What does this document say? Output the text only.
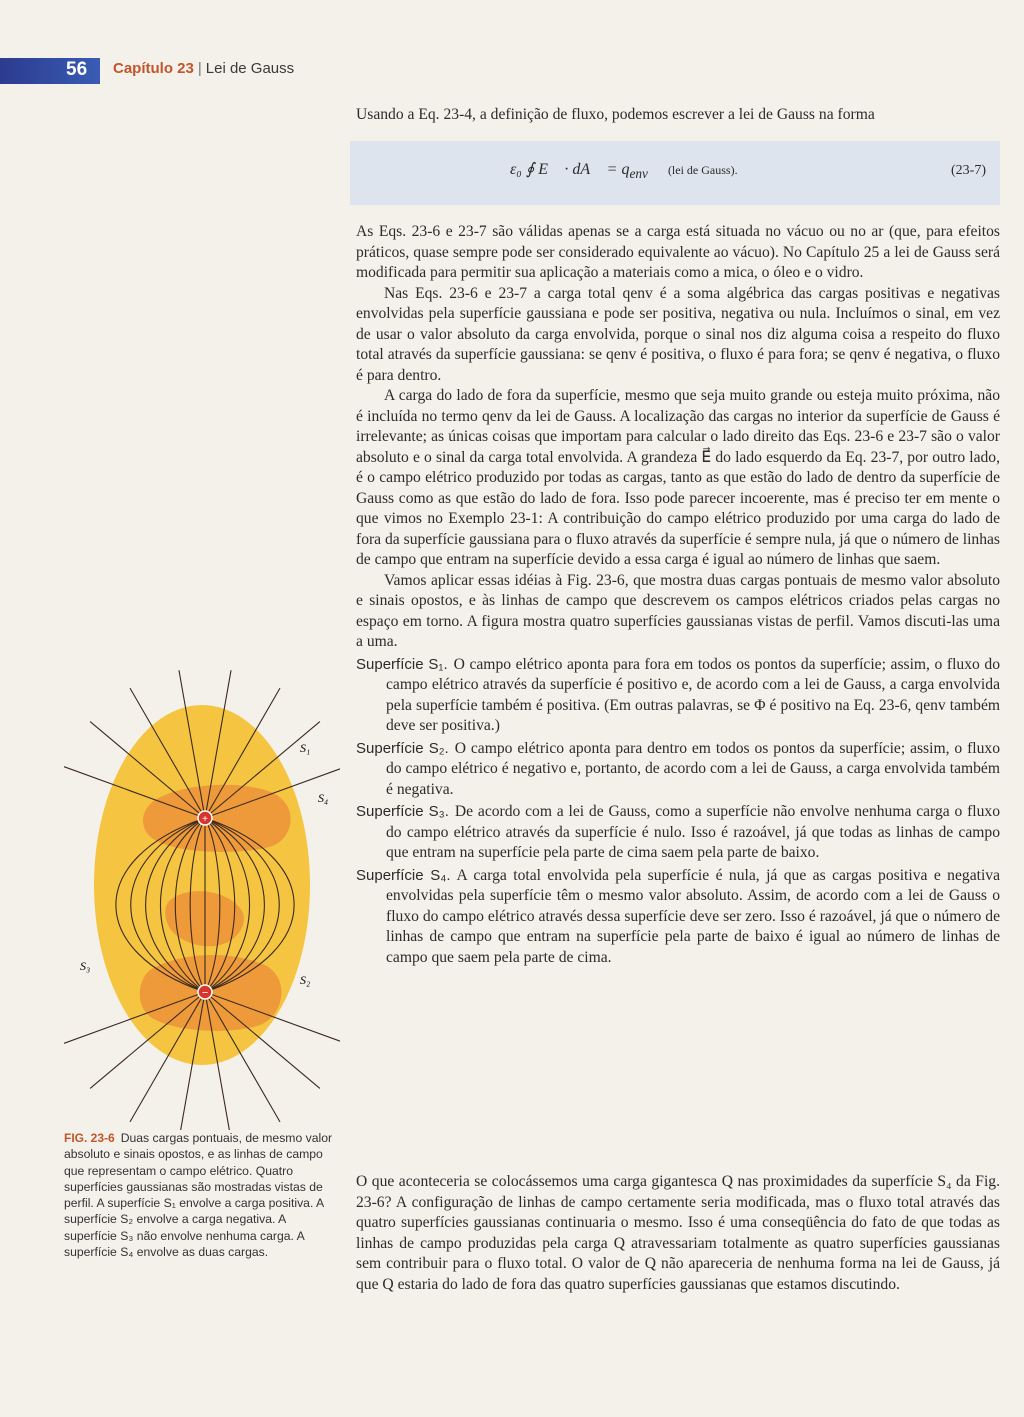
56 Capítulo 23 | Lei de Gauss
Usando a Eq. 23-4, a definição de fluxo, podemos escrever a lei de Gauss na forma
ε₀ ∮ E⃗ · dA⃗ = $q_{env}$ (lei de Gauss).	(23-7)

As Eqs. 23-6 e 23-7 são válidas apenas se a carga está situada no vácuo ou no ar (que, para efeitos práticos, quase sempre pode ser considerado equivalente ao vácuo). No Capítulo 25 a lei de Gauss será modificada para permitir sua aplicação a materiais como a mica, o óleo e o vidro.

Nas Eqs. 23-6 e 23-7 a carga total qenv é a soma algébrica das cargas positivas e negativas envolvidas pela superfície gaussiana e pode ser positiva, negativa ou nula. Incluímos o sinal, em vez de usar o valor absoluto da carga envolvida, porque o sinal nos diz alguma coisa a respeito do fluxo total através da superfície gaussiana: se qenv é positiva, o fluxo é para fora; se qenv é negativa, o fluxo é para dentro.

A carga do lado de fora da superfície, mesmo que seja muito grande ou esteja muito próxima, não é incluída no termo qenv da lei de Gauss. A localização das cargas no interior da superfície de Gauss é irrelevante; as únicas coisas que importam para calcular o lado direito das Eqs. 23-6 e 23-7 são o valor absoluto e o sinal da carga total envolvida. A grandeza E⃗ do lado esquerdo da Eq. 23-7, por outro lado, é o campo elétrico produzido por todas as cargas, tanto as que estão do lado de dentro da superfície de Gauss como as que estão do lado de fora. Isso pode parecer incoerente, mas é preciso ter em mente o que vimos no Exemplo 23-1: A contribuição do campo elétrico produzido por uma carga do lado de fora da superfície gaussiana para o fluxo através da superfície é sempre nula, já que o número de linhas de campo que entram na superfície devido a essa carga é igual ao número de linhas que saem.

Vamos aplicar essas idéias à Fig. 23-6, que mostra duas cargas pontuais de mesmo valor absoluto e sinais opostos, e às linhas de campo que descrevem os campos elétricos criados pelas cargas no espaço em torno. A figura mostra quatro superfícies gaussianas vistas de perfil. Vamos discuti-las uma a uma.

Superfície S₁. O campo elétrico aponta para fora em todos os pontos da superfície; assim, o fluxo do campo elétrico através da superfície é positivo e, de acordo com a lei de Gauss, a carga envolvida pela superfície também é positiva. (Em outras palavras, se Φ é positivo na Eq. 23-6, qenv também deve ser positiva.)
Superfície S₂. O campo elétrico aponta para dentro em todos os pontos da superfície; assim, o fluxo do campo elétrico é negativo e, portanto, de acordo com a lei de Gauss, a carga envolvida também é negativa.
Superfície S₃. De acordo com a lei de Gauss, como a superfície não envolve nenhuma carga o fluxo do campo elétrico através da superfície é nulo. Isso é razoável, já que todas as linhas de campo que entram na superfície pela parte de cima saem pela parte de baixo.
Superfície S₄. A carga total envolvida pela superfície é nula, já que as cargas positiva e negativa envolvidas pela superfície têm o mesmo valor absoluto. Assim, de acordo com a lei de Gauss o fluxo do campo elétrico através dessa superfície deve ser zero. Isso é razoável, já que o número de linhas de campo que entram na superfície pela parte de baixo é igual ao número de linhas de campo que saem pela parte de cima.

O que aconteceria se colocássemos uma carga gigantesca Q nas proximidades da superfície S₄ da Fig. 23-6? A configuração de linhas de campo certamente seria modificada, mas o fluxo total através das quatro superfícies gaussianas continuaria o mesmo. Isso é uma conseqüência do fato de que todas as linhas de campo produzidas pela carga Q atravessariam totalmente as quatro superfícies gaussianas sem contribuir para o fluxo total. O valor de Q não apareceria de nenhuma forma na lei de Gauss, já que Q estaria do lado de fora das quatro superfícies gaussianas que estamos discutindo.

+
−
S₁
S₄
S₃
S₂
FIG. 23-6 Duas cargas pontuais, de mesmo valor absoluto e sinais opostos, e as linhas de campo que representam o campo elétrico. Quatro superfícies gaussianas são mostradas vistas de perfil. A superfície S₁ envolve a carga positiva. A superfície S₂ envolve a carga negativa. A superfície S₃ não envolve nenhuma carga. A superfície S₄ envolve as duas cargas.
